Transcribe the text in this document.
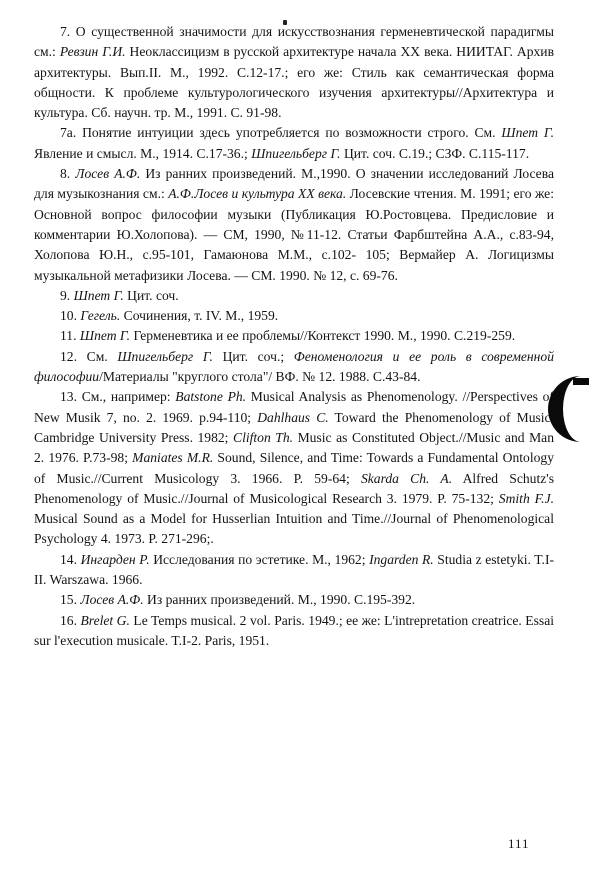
7. О существенной значимости для искусствознания герменевтической парадигмы см.: Ревзин Г.И. Неоклассицизм в русской архитектуре начала XX века. НИИТАГ. Архив архитектуры. Вып.II. М., 1992. С.12-17.; его же: Стиль как семантическая форма общности. К проблеме культурологического изучения архитектуры//Архитектура и культура. Сб. научн. тр. М., 1991. С. 91-98.

7а. Понятие интуиции здесь употребляется по возможности строго. См. Шпет Г. Явление и смысл. М., 1914. С.17-36.; Шпигельберг Г. Цит. соч. С.19.; СЗФ. С.115-117.

8. Лосев А.Ф. Из ранних произведений. М.,1990. О значении исследований Лосева для музыкознания см.: А.Ф.Лосев и культура XX века. Лосевские чтения. М. 1991; его же: Основной вопрос философии музыки (Публикация Ю.Ростовцева. Предисловие и комментарии Ю.Холопова). — СМ, 1990, №11-12. Статьи Фарбштейна А.А., с.83-94, Холопова Ю.Н., с.95-101, Гамаюнова М.М., с.102- 105; Вермайер А. Логицизмы музыкальной метафизики Лосева. — СМ. 1990. № 12, с. 69-76.

9. Шпет Г. Цит. соч.

10. Гегель. Сочинения, т. IV. М., 1959.

11. Шпет Г. Герменевтика и ее проблемы//Контекст 1990. М., 1990. С.219-259.

12. См. Шпигельберг Г. Цит. соч.; Феноменология и ее роль в современной философии/Материалы "круглого стола"/ ВФ. № 12. 1988. С.43-84.

13. См., например: Batstone Ph. Musical Analysis as Phenomenology. //Perspectives of New Musik 7, no. 2. 1969. p.94-110; Dahlhaus C. Toward the Phenomenology of Music. Cambridge University Press. 1982; Clifton Th. Music as Constituted Object.//Music and Man 2. 1976. P.73-98; Maniates M.R. Sound, Silence, and Time: Towards a Fundamental Ontology of Music.//Current Musicology 3. 1966. P. 59-64; Skarda Ch. A. Alfred Schutz's Phenomenology of Music.//Journal of Musicological Research 3. 1979. P. 75-132; Smith F.J. Musical Sound as a Model for Husserlian Intuition and Time.//Journal of Phenomenological Psychology 4. 1973. P. 271-296;.

14. Ингарден Р. Исследования по эстетике. М., 1962; Ingarden R. Studia z estetyki. T.I-II. Warszawa. 1966.

15. Лосев А.Ф. Из ранних произведений. М., 1990. С.195-392.

16. Brelet G. Le Temps musical. 2 vol. Paris. 1949.; ее же: L'intrepretation creatrice. Essai sur l'execution musicale. T.I-2. Paris, 1951.

111
